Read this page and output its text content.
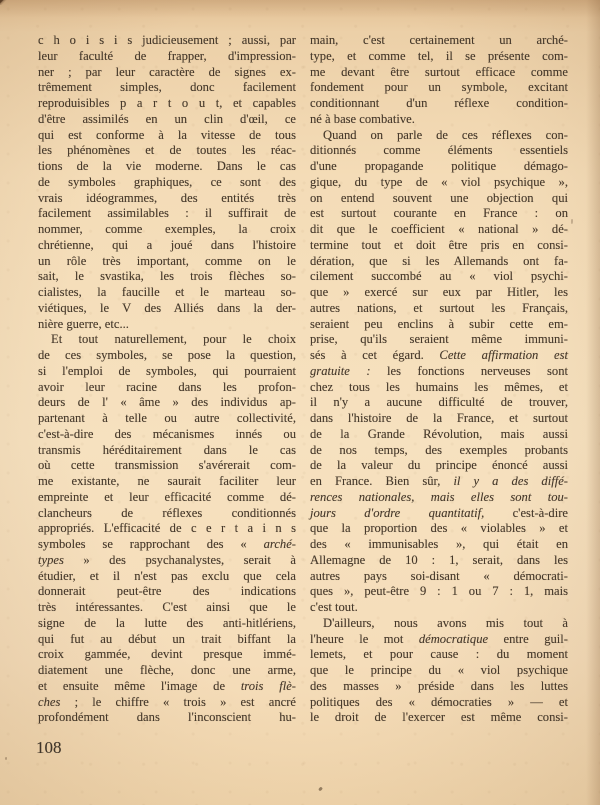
c h o i s i s judicieusement ; aussi, par
leur faculté de frapper, d'impression-
ner ; par leur caractère de signes ex-
trêmement simples, donc facilement
reproduisibles p a r t o u t, et capables
d'être assimilés en un clin d'œil, ce
qui est conforme à la vitesse de tous
les phénomènes et de toutes les réac-
tions de la vie moderne. Dans le cas
de symboles graphiques, ce sont des
vrais idéogrammes, des entités très
facilement assimilables : il suffirait de
nommer, comme exemples, la croix
chrétienne, qui a joué dans l'histoire
un rôle très important, comme on le
sait, le svastika, les trois flèches so-
cialistes, la faucille et le marteau so-
viétiques, le V des Alliés dans la der-
nière guerre, etc...
Et tout naturellement, pour le choix
de ces symboles, se pose la question,
si l'emploi de symboles, qui pourraient
avoir leur racine dans les profon-
deurs de l' « âme » des individus ap-
partenant à telle ou autre collectivité,
c'est-à-dire des mécanismes innés ou
transmis héréditairement dans le cas
où cette transmission s'avérerait com-
me existante, ne saurait faciliter leur
empreinte et leur efficacité comme dé-
clancheurs de réflexes conditionnés
appropriés. L'efficacité de c e r t a i n s
symboles se rapprochant des « arché-
types » des psychanalystes, serait à
étudier, et il n'est pas exclu que cela
donnerait peut-être des indications
très intéressantes. C'est ainsi que le
signe de la lutte des anti-hitlériens,
qui fut au début un trait biffant la
croix gammée, devint presque immé-
diatement une flèche, donc une arme,
et ensuite même l'image de trois flè-
ches ; le chiffre « trois » est ancré
profondément dans l'inconscient hu-
main, c'est certainement un arché-
type, et comme tel, il se présente com-
me devant être surtout efficace comme
fondement pour un symbole, excitant
conditionnant d'un réflexe condition-
né à base combative.
Quand on parle de ces réflexes con-
ditionnés comme éléments essentiels
d'une propagande politique démago-
gique, du type de « viol psychique »,
on entend souvent une objection qui
est surtout courante en France : on
dit que le coefficient « national » dé-
termine tout et doit être pris en consi-
dération, que si les Allemands ont fa-
cilement succombé au « viol psychi-
que » exercé sur eux par Hitler, les
autres nations, et surtout les Français,
seraient peu enclins à subir cette em-
prise, qu'ils seraient même immuni-
sés à cet égard. Cette affirmation est
gratuite : les fonctions nerveuses sont
chez tous les humains les mêmes, et
il n'y a aucune difficulté de trouver,
dans l'histoire de la France, et surtout
de la Grande Révolution, mais aussi
de nos temps, des exemples probants
de la valeur du principe énoncé aussi
en France. Bien sûr, il y a des diffé-
rences nationales, mais elles sont tou-
jours d'ordre quantitatif, c'est-à-dire
que la proportion des « violables » et
des « immunisables », qui était en
Allemagne de 10 : 1, serait, dans les
autres pays soi-disant « démocrati-
ques », peut-être 9 : 1 ou 7 : 1, mais
c'est tout.
D'ailleurs, nous avons mis tout à
l'heure le mot démocratique entre guil-
lemets, et pour cause : du moment
que le principe du « viol psychique
des masses » préside dans les luttes
politiques des « démocraties » — et
le droit de l'exercer est même consi-
108
